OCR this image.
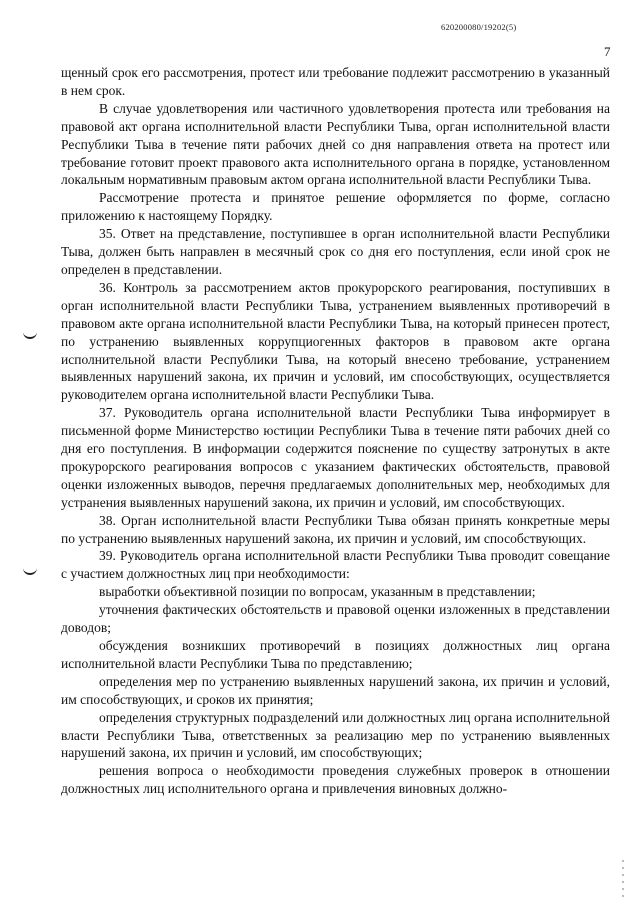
620200080/19202(5)
7

щенный срок его рассмотрения, протест или требование подлежит рассмотрению в указанный в нем срок.

В случае удовлетворения или частичного удовлетворения протеста или требования на правовой акт органа исполнительной власти Республики Тыва, орган исполнительной власти Республики Тыва в течение пяти рабочих дней со дня направления ответа на протест или требование готовит проект правового акта исполнительного органа в порядке, установленном локальным нормативным правовым актом органа исполнительной власти Республики Тыва.

Рассмотрение протеста и принятое решение оформляется по форме, согласно приложению к настоящему Порядку.

35. Ответ на представление, поступившее в орган исполнительной власти Республики Тыва, должен быть направлен в месячный срок со дня его поступления, если иной срок не определен в представлении.

36. Контроль за рассмотрением актов прокурорского реагирования, поступивших в орган исполнительной власти Республики Тыва, устранением выявленных противоречий в правовом акте органа исполнительной власти Республики Тыва, на который принесен протест, по устранению выявленных коррупциогенных факторов в правовом акте органа исполнительной власти Республики Тыва, на который внесено требование, устранением выявленных нарушений закона, их причин и условий, им способствующих, осуществляется руководителем органа исполнительной власти Республики Тыва.

37. Руководитель органа исполнительной власти Республики Тыва информирует в письменной форме Министерство юстиции Республики Тыва в течение пяти рабочих дней со дня его поступления. В информации содержится пояснение по существу затронутых в акте прокурорского реагирования вопросов с указанием фактических обстоятельств, правовой оценки изложенных выводов, перечня предлагаемых дополнительных мер, необходимых для устранения выявленных нарушений закона, их причин и условий, им способствующих.

38. Орган исполнительной власти Республики Тыва обязан принять конкретные меры по устранению выявленных нарушений закона, их причин и условий, им способствующих.

39. Руководитель органа исполнительной власти Республики Тыва проводит совещание с участием должностных лиц при необходимости:

выработки объективной позиции по вопросам, указанным в представлении;

уточнения фактических обстоятельств и правовой оценки изложенных в представлении доводов;

обсуждения возникших противоречий в позициях должностных лиц органа исполнительной власти Республики Тыва по представлению;

определения мер по устранению выявленных нарушений закона, их причин и условий, им способствующих, и сроков их принятия;

определения структурных подразделений или должностных лиц органа исполнительной власти Республики Тыва, ответственных за реализацию мер по устранению выявленных нарушений закона, их причин и условий, им способствующих;

решения вопроса о необходимости проведения служебных проверок в отношении должностных лиц исполнительного органа и привлечения виновных должно-
